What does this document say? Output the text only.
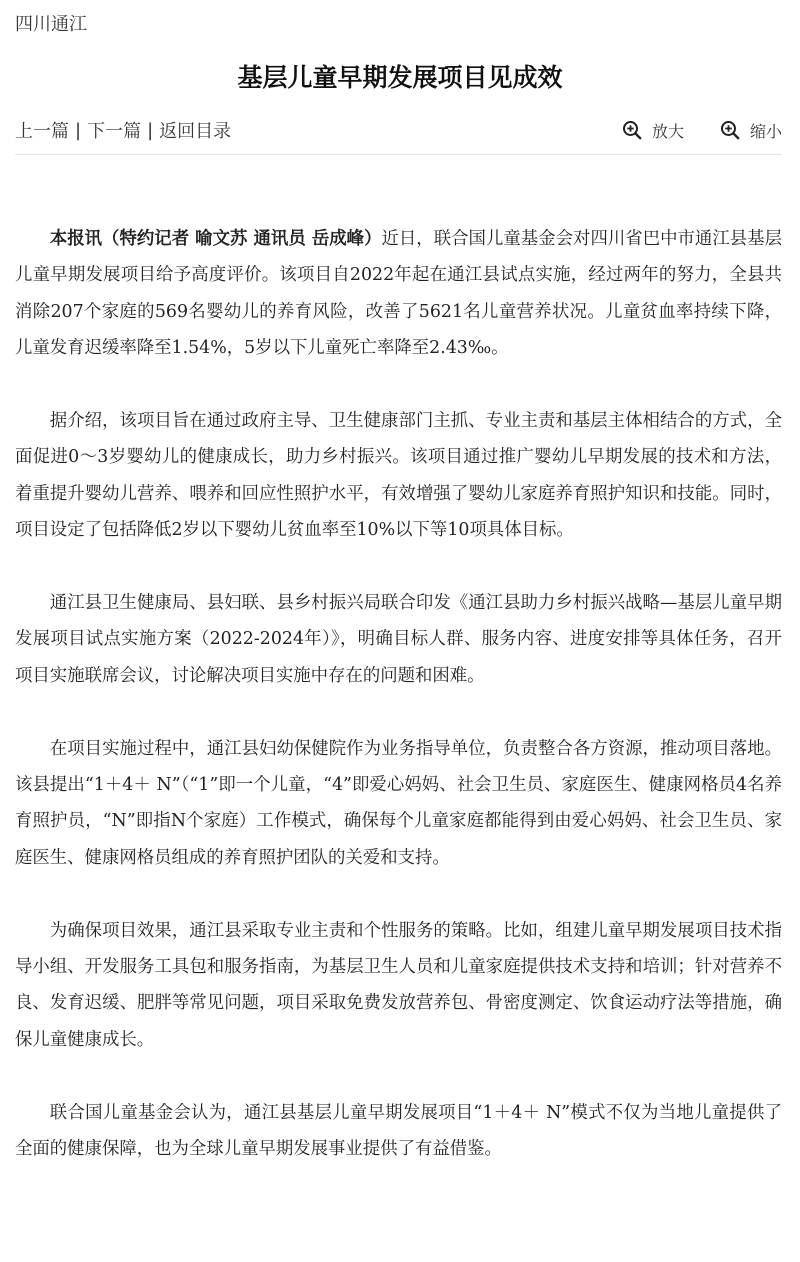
四川通江
基层儿童早期发展项目见成效
上一篇 | 下一篇 | 返回目录	放大	缩小

本报讯（特约记者 喻文苏 通讯员 岳成峰）近日，联合国儿童基金会对四川省巴中市通江县基层儿童早期发展项目给予高度评价。该项目自2022年起在通江县试点实施，经过两年的努力，全县共消除207个家庭的569名婴幼儿的养育风险，改善了5621名儿童营养状况。儿童贫血率持续下降，儿童发育迟缓率降至1.54%，5岁以下儿童死亡率降至2.43‰。

据介绍，该项目旨在通过政府主导、卫生健康部门主抓、专业主责和基层主体相结合的方式，全面促进0～3岁婴幼儿的健康成长，助力乡村振兴。该项目通过推广婴幼儿早期发展的技术和方法，着重提升婴幼儿营养、喂养和回应性照护水平，有效增强了婴幼儿家庭养育照护知识和技能。同时，项目设定了包括降低2岁以下婴幼儿贫血率至10%以下等10项具体目标。

通江县卫生健康局、县妇联、县乡村振兴局联合印发《通江县助力乡村振兴战略—基层儿童早期发展项目试点实施方案（2022-2024年）》，明确目标人群、服务内容、进度安排等具体任务，召开项目实施联席会议，讨论解决项目实施中存在的问题和困难。

在项目实施过程中，通江县妇幼保健院作为业务指导单位，负责整合各方资源，推动项目落地。该县提出“1＋4＋ N”（“1”即一个儿童，“4”即爱心妈妈、社会卫生员、家庭医生、健康网格员4名养育照护员，“N”即指N个家庭）工作模式，确保每个儿童家庭都能得到由爱心妈妈、社会卫生员、家庭医生、健康网格员组成的养育照护团队的关爱和支持。

为确保项目效果，通江县采取专业主责和个性服务的策略。比如，组建儿童早期发展项目技术指导小组、开发服务工具包和服务指南，为基层卫生人员和儿童家庭提供技术支持和培训；针对营养不良、发育迟缓、肥胖等常见问题，项目采取免费发放营养包、骨密度测定、饮食运动疗法等措施，确保儿童健康成长。

联合国儿童基金会认为，通江县基层儿童早期发展项目“1＋4＋ N”模式不仅为当地儿童提供了全面的健康保障，也为全球儿童早期发展事业提供了有益借鉴。
